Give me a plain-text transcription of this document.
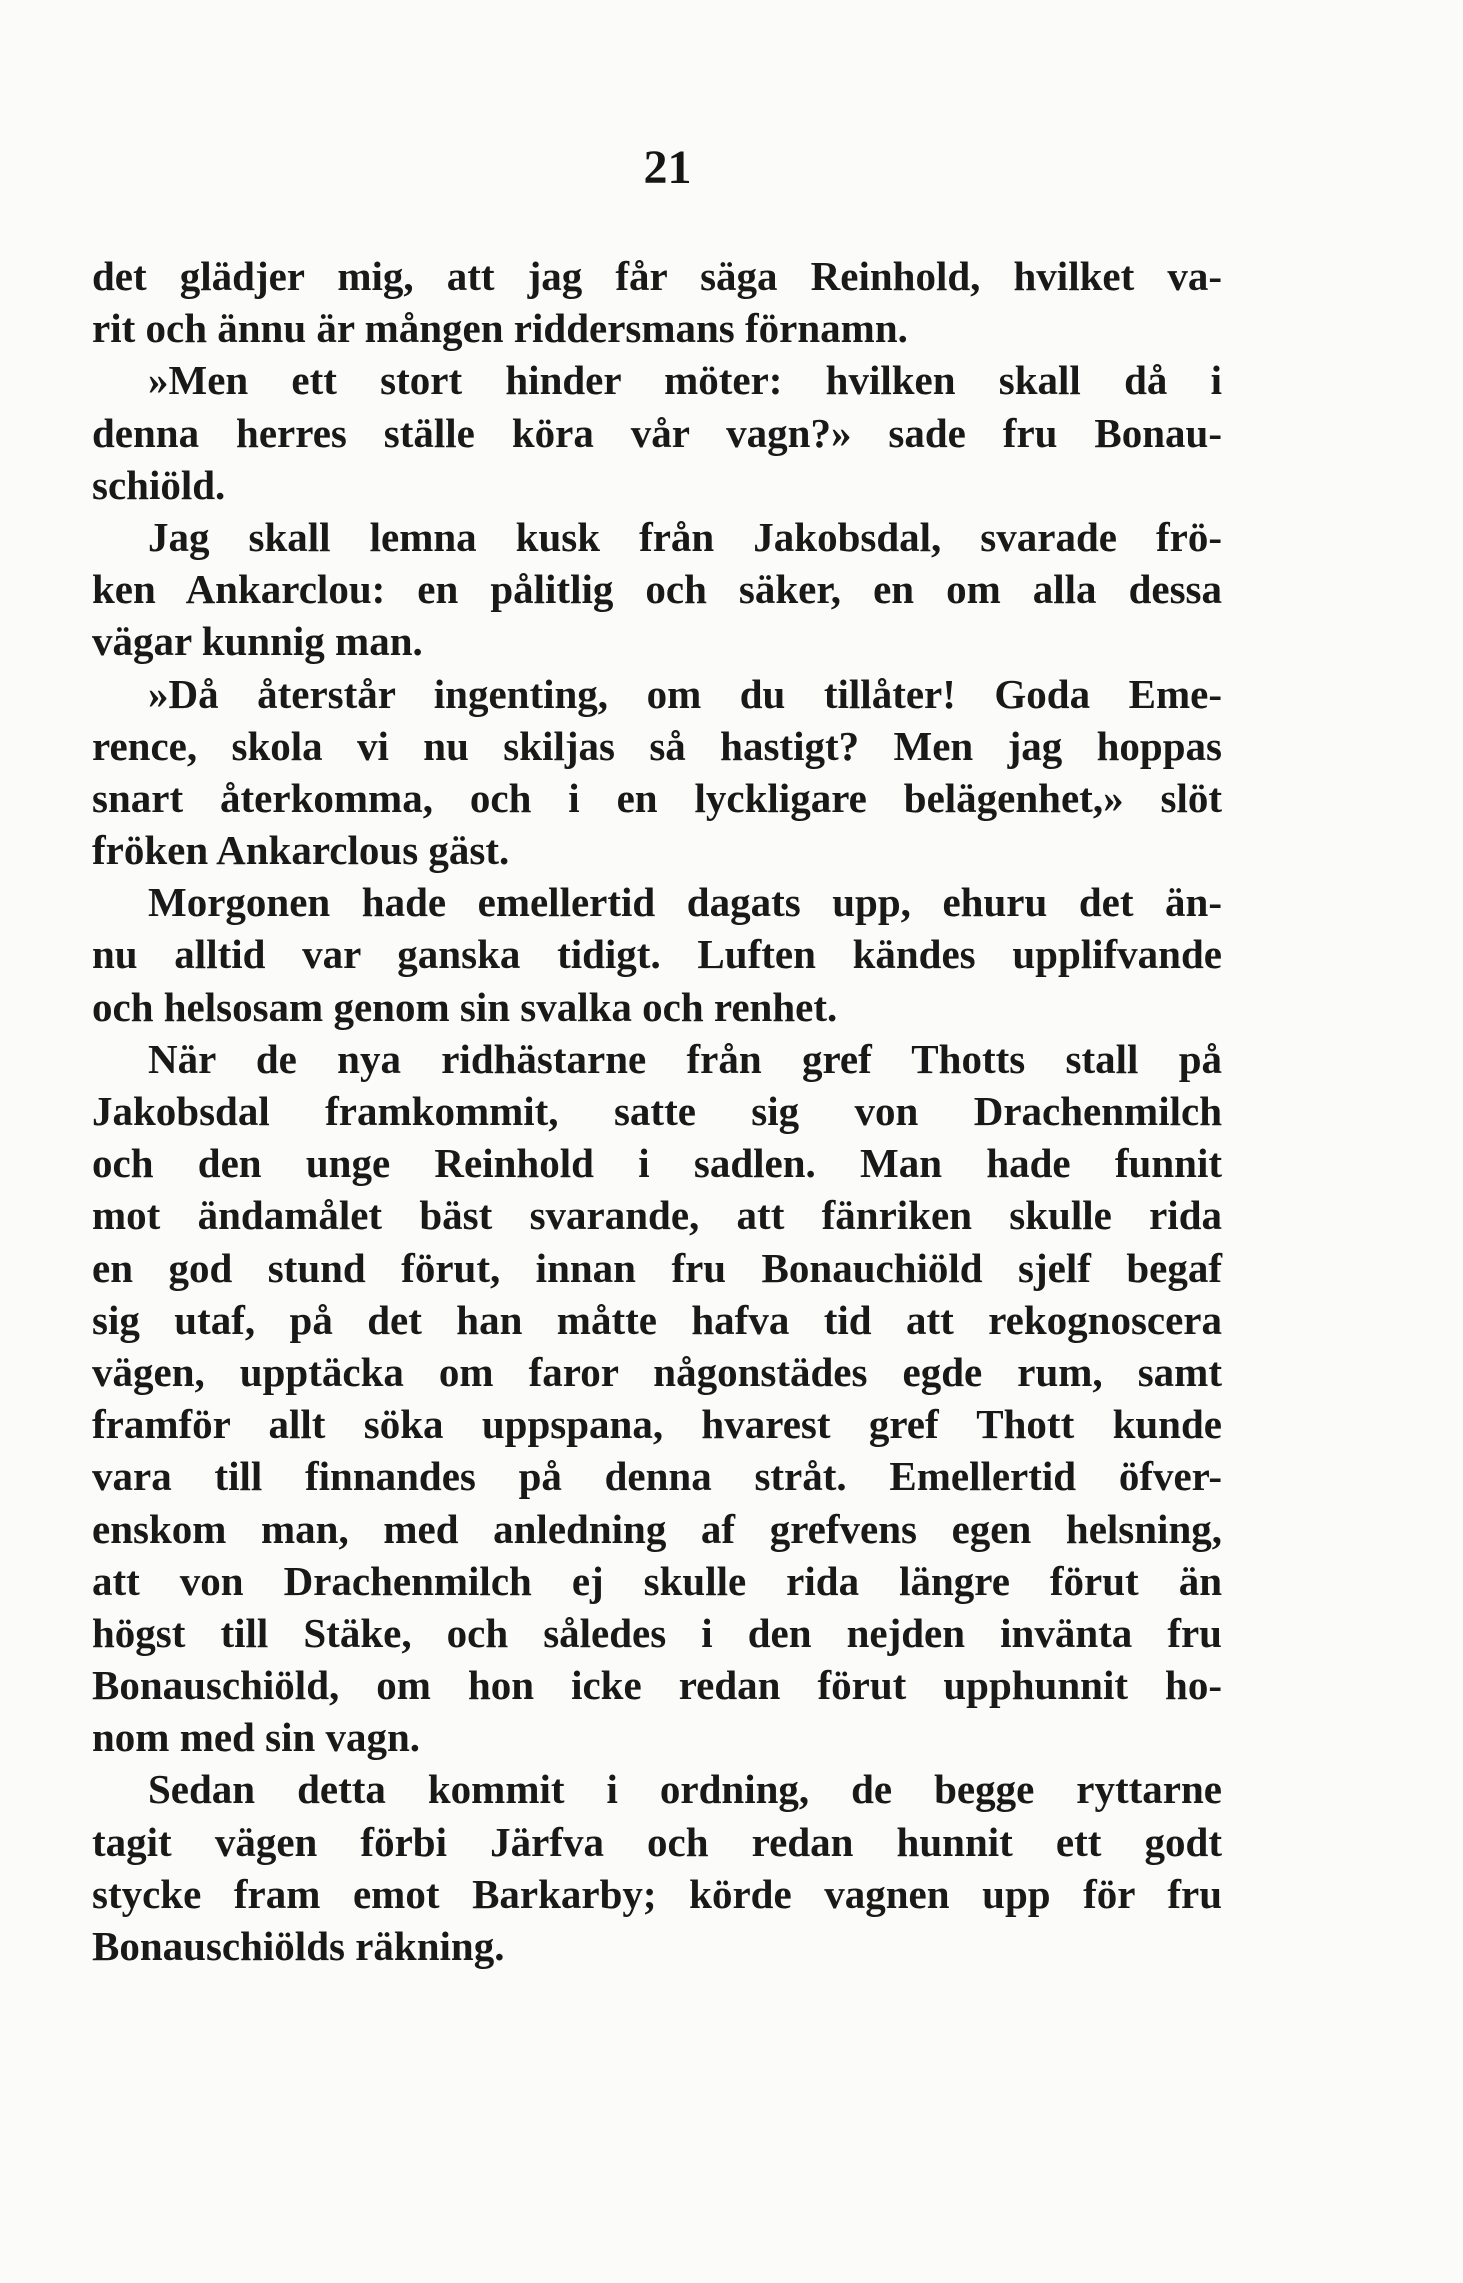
21
det glädjer mig, att jag får säga Reinhold, hvilket va-
rit och ännu är mången riddersmans förnamn.
»Men ett stort hinder möter: hvilken skall då i
denna herres ställe köra vår vagn?» sade fru Bonau-
schiöld.
Jag skall lemna kusk från Jakobsdal, svarade frö-
ken Ankarclou: en pålitlig och säker, en om alla dessa
vägar kunnig man.
»Då återstår ingenting, om du tillåter! Goda Eme-
rence, skola vi nu skiljas så hastigt? Men jag hoppas
snart återkomma, och i en lyckligare belägenhet,» slöt
fröken Ankarclous gäst.
Morgonen hade emellertid dagats upp, ehuru det än-
nu alltid var ganska tidigt. Luften kändes upplifvande
och helsosam genom sin svalka och renhet.
När de nya ridhästarne från gref Thotts stall på
Jakobsdal framkommit, satte sig von Drachenmilch
och den unge Reinhold i sadlen. Man hade funnit
mot ändamålet bäst svarande, att fänriken skulle rida
en god stund förut, innan fru Bonauchiöld sjelf begaf
sig utaf, på det han måtte hafva tid att rekognoscera
vägen, upptäcka om faror någonstädes egde rum, samt
framför allt söka uppspana, hvarest gref Thott kunde
vara till finnandes på denna stråt. Emellertid öfver-
enskom man, med anledning af grefvens egen helsning,
att von Drachenmilch ej skulle rida längre förut än
högst till Stäke, och således i den nejden invänta fru
Bonauschiöld, om hon icke redan förut upphunnit ho-
nom med sin vagn.
Sedan detta kommit i ordning, de begge ryttarne
tagit vägen förbi Järfva och redan hunnit ett godt
stycke fram emot Barkarby; körde vagnen upp för fru
Bonauschiölds räkning.
